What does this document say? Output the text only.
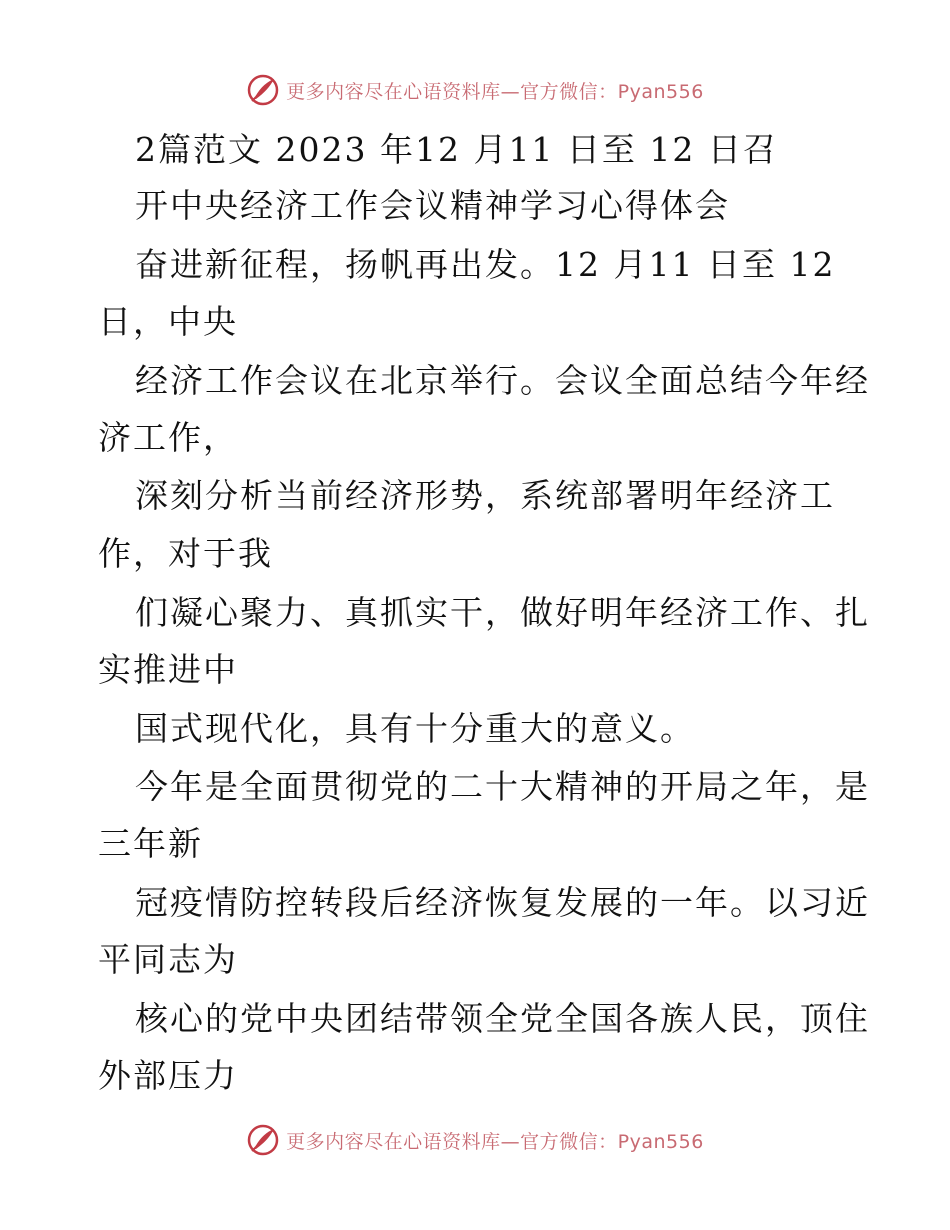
更多内容尽在心语资料库—官方微信：Pyan556
2篇范文 2023 年12 月11 日至 12 日召
开中央经济工作会议精神学习心得体会
奋进新征程，扬帆再出发。12 月11 日至 12
日，中央
经济工作会议在北京举行。会议全面总结今年经
济工作，
深刻分析当前经济形势，系统部署明年经济工
作，对于我
们凝心聚力、真抓实干，做好明年经济工作、扎
实推进中
国式现代化，具有十分重大的意义。
今年是全面贯彻党的二十大精神的开局之年，是
三年新
冠疫情防控转段后经济恢复发展的一年。以习近
平同志为
核心的党中央团结带领全党全国各族人民，顶住
外部压力
更多内容尽在心语资料库—官方微信：Pyan556
